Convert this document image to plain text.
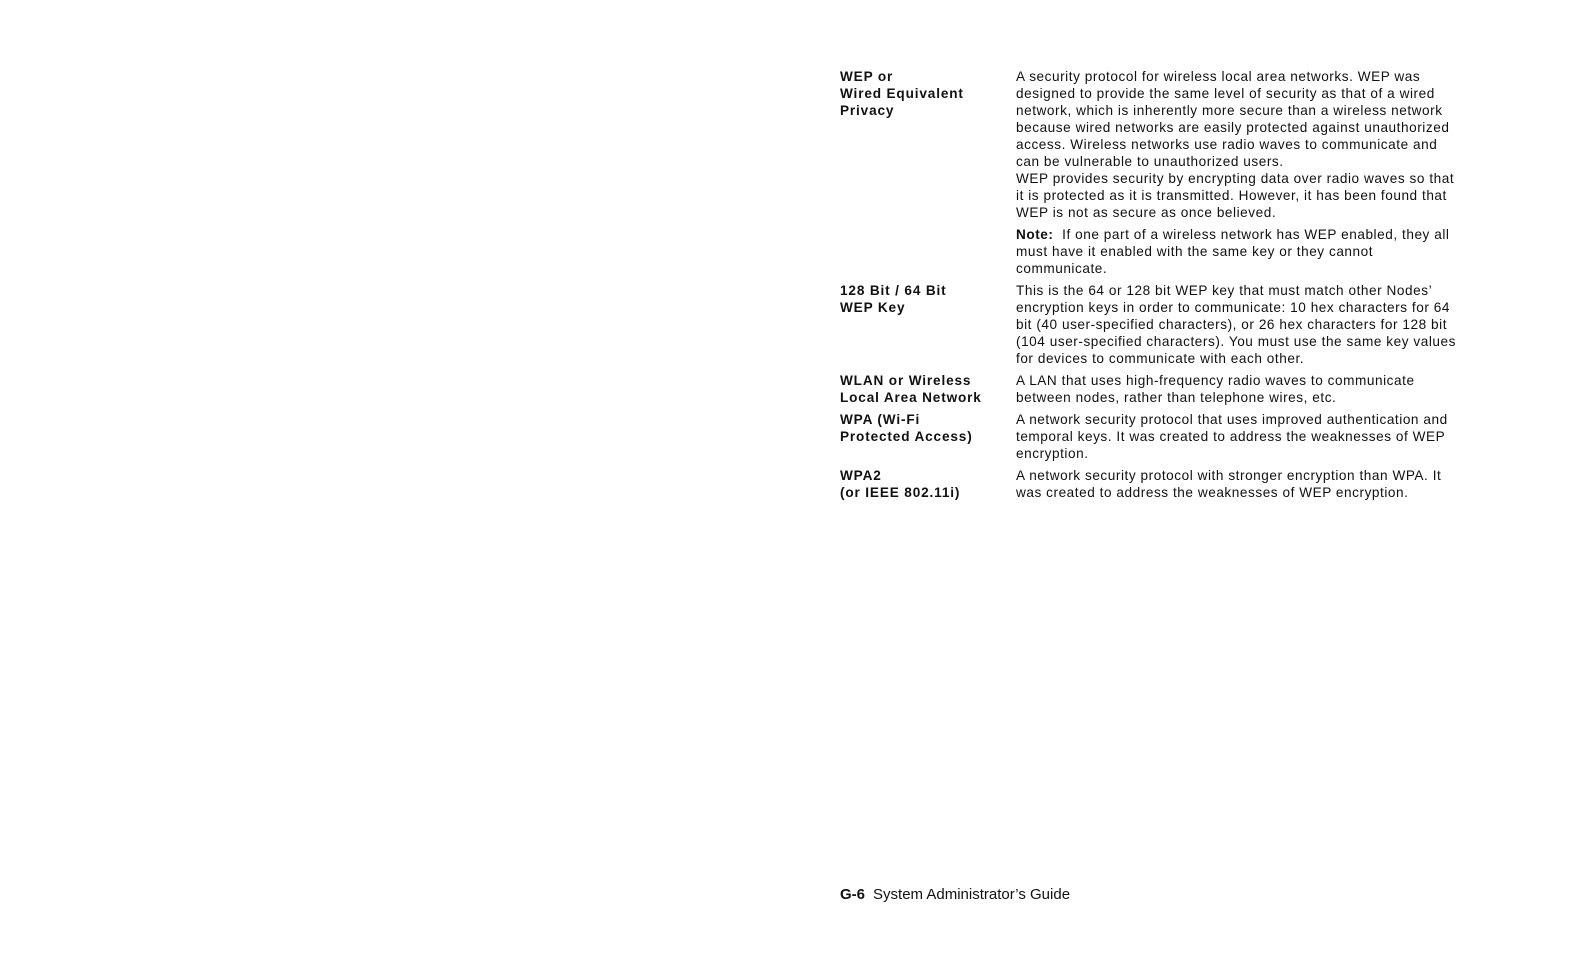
WEP or
Wired Equivalent
Privacy

A security protocol for wireless local area networks. WEP was designed to provide the same level of security as that of a wired network, which is inherently more secure than a wireless network because wired networks are easily protected against unauthorized access. Wireless networks use radio waves to communicate and can be vulnerable to unauthorized users.

WEP provides security by encrypting data over radio waves so that it is protected as it is transmitted. However, it has been found that WEP is not as secure as once believed.

Note: If one part of a wireless network has WEP enabled, they all must have it enabled with the same key or they cannot communicate.

128 Bit / 64 Bit
WEP Key

This is the 64 or 128 bit WEP key that must match other Nodes’ encryption keys in order to communicate: 10 hex characters for 64 bit (40 user-specified characters), or 26 hex characters for 128 bit (104 user-specified characters). You must use the same key values for devices to communicate with each other.

WLAN or Wireless
Local Area Network

A LAN that uses high-frequency radio waves to communicate between nodes, rather than telephone wires, etc.

WPA (Wi-Fi
Protected Access)

A network security protocol that uses improved authentication and temporal keys. It was created to address the weaknesses of WEP encryption.

WPA2
(or IEEE 802.11i)

A network security protocol with stronger encryption than WPA. It was created to address the weaknesses of WEP encryption.

G-6 System Administrator’s Guide
